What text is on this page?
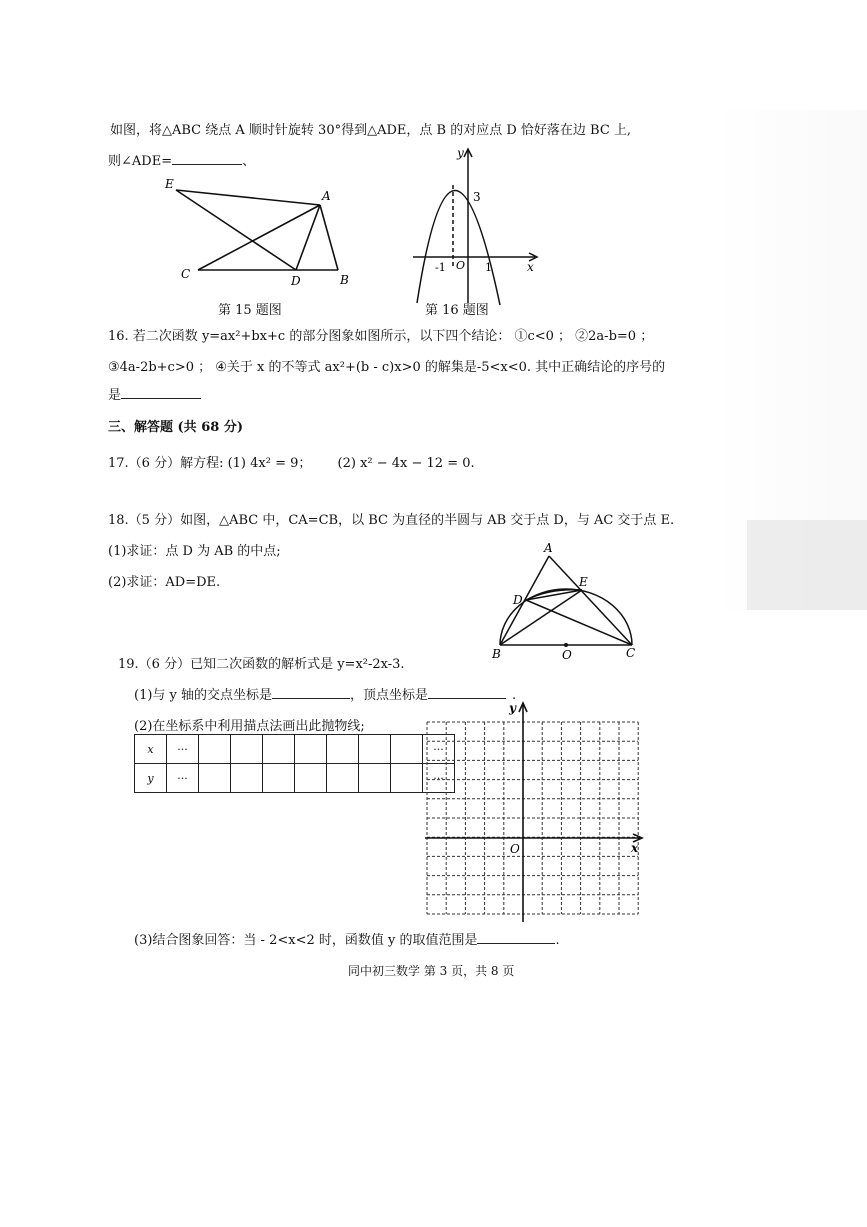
如图，将△ABC 绕点 A 顺时针旋转 30°得到△ADE，点 B 的对应点 D 恰好落在边 BC 上,
则∠ADE=	、
E
A
C	D	B
第 15 题图
y
x
O
3
-1	1
第 16 题图
16. 若二次函数 y=ax²+bx+c 的部分图象如图所示，以下四个结论： ①c<0 ； ②2a-b=0 ；
③4a-2b+c>0 ； ④关于 x 的不等式 ax²+(b - c)x>0 的解集是-5<x<0. 其中正确结论的序号的
是
三、解答题 (共 68 分)
17.（6 分）解方程: (1) 4x² = 9； (2) x² − 4x − 12 = 0.
18.（5 分）如图，△ABC 中，CA=CB，以 BC 为直径的半圆与 AB 交于点 D，与 AC 交于点 E.
(1)求证：点 D 为 AB 的中点;
(2)求证：AD=DE.
A
E
D
B	O	C
19.（6 分）已知二次函数的解析式是 y=x²-2x-3.
(1)与 y 轴的交点坐标是	，顶点坐标是	.
(2)在坐标系中利用描点法画出此抛物线;
x	···								···
y	···								···
y
x
O
(3)结合图象回答：当 - 2<x<2 时，函数值 y 的取值范围是	.
同中初三数学 第 3 页，共 8 页
